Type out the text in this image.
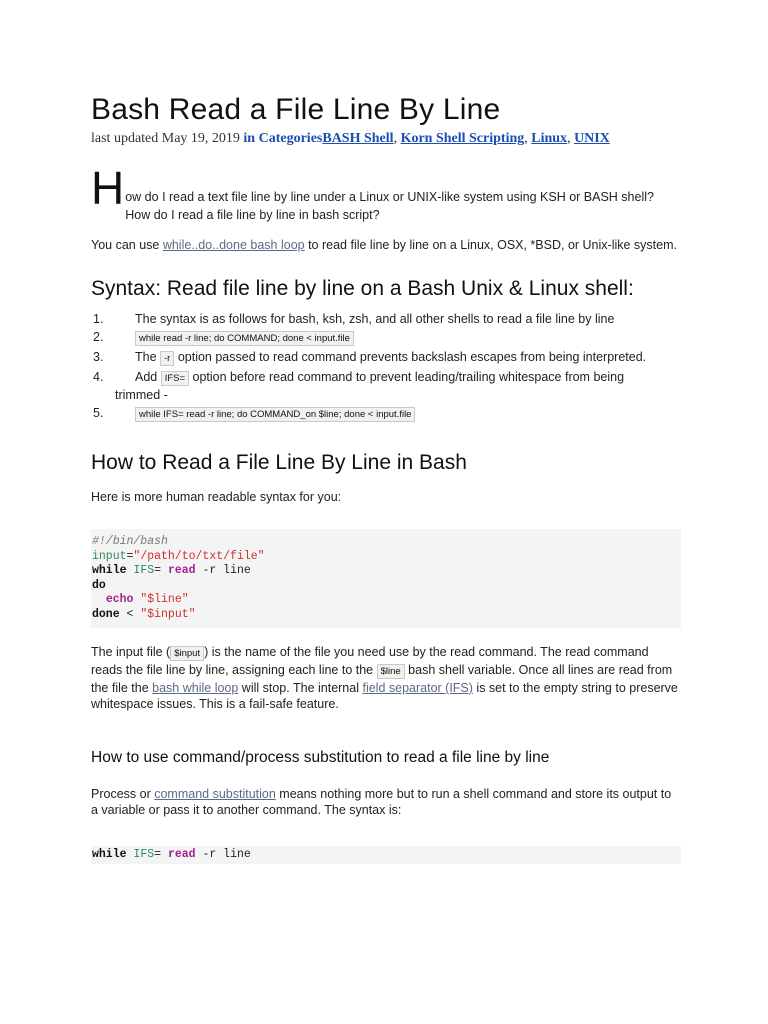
Bash Read a File Line By Line
last updated May 19, 2019 in CategoriesBASH Shell, Korn Shell Scripting, Linux, UNIX
H ow do I read a text file line by line under a Linux or UNIX-like system using KSH or BASH shell? How do I read a file line by line in bash script?

You can use while..do..done bash loop to read file line by line on a Linux, OSX, *BSD, or Unix-like system.

Syntax: Read file line by line on a Bash Unix & Linux shell:
1.	The syntax is as follows for bash, ksh, zsh, and all other shells to read a file line by line
2.	while read -r line; do COMMAND; done < input.file
3.	The -r option passed to read command prevents backslash escapes from being interpreted.
4.	Add IFS= option before read command to prevent leading/trailing whitespace from being
trimmed -
5.	while IFS= read -r line; do COMMAND_on $line; done < input.file
How to Read a File Line By Line in Bash

Here is more human readable syntax for you:

#!/bin/bash
input="/path/to/txt/file"
while IFS= read -r line
do
echo "$line"
done < "$input"

The input file ( $input ) is the name of the file you need use by the read command. The read command reads the file line by line, assigning each line to the $line bash shell variable. Once all lines are read from the file the bash while loop will stop. The internal field separator (IFS) is set to the empty string to preserve whitespace issues. This is a fail-safe feature.

How to use command/process substitution to read a file line by line

Process or command substitution means nothing more but to run a shell command and store its output to a variable or pass it to another command. The syntax is:

while IFS= read -r line
